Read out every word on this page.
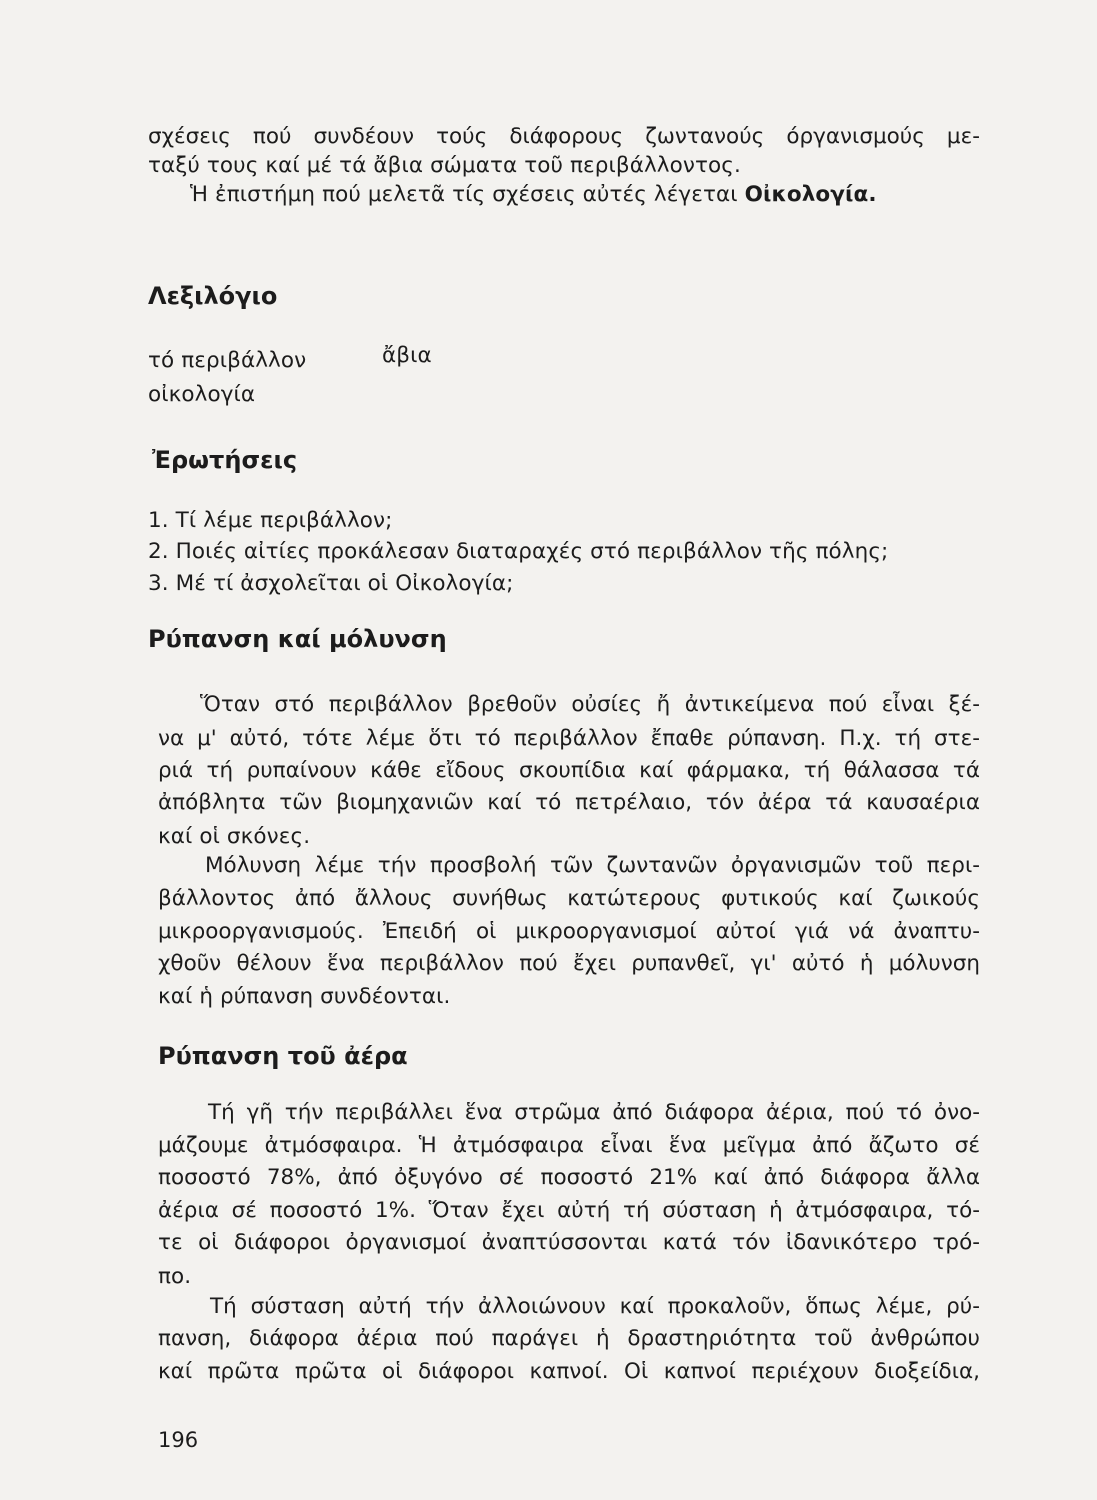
σχέσεις πού συνδέουν τούς διάφορους ζωντανούς όργανισμούς με-
ταξύ τους καί μέ τά ἄβια σώματα τοῦ περιβάλλοντος.
Ἡ ἐπιστήμη πού μελετᾶ τίς σχέσεις αὐτές λέγεται Οἰκολογία.
Λεξιλόγιο
τό περιβάλλον	ἄβια
οἰκολογία
Ἐρωτήσεις
1. Τί λέμε περιβάλλον;
2. Ποιές αἰτίες προκάλεσαν διαταραχές στό περιβάλλον τῆς πόλης;
3. Μέ τί ἀσχολεῖται οἱ Οἰκολογία;
Ρύπανση καί μόλυνση
Ὅταν στό περιβάλλον βρεθοῦν οὐσίες ἤ ἀντικείμενα πού εἶναι ξέ-
να μ' αὐτό, τότε λέμε ὅτι τό περιβάλλον ἔπαθε ρύπανση. Π.χ. τή στε-
ριά τή ρυπαίνουν κάθε εἴδους σκουπίδια καί φάρμακα, τή θάλασσα τά
ἀπόβλητα τῶν βιομηχανιῶν καί τό πετρέλαιο, τόν ἀέρα τά καυσαέρια
καί οἱ σκόνες.
Μόλυνση λέμε τήν προσβολή τῶν ζωντανῶν ὀργανισμῶν τοῦ περι-
βάλλοντος ἀπό ἄλλους συνήθως κατώτερους φυτικούς καί ζωικούς
μικροοργανισμούς. Ἐπειδή οἱ μικροοργανισμοί αὐτοί γιά νά ἀναπτυ-
χθοῦν θέλουν ἕνα περιβάλλον πού ἔχει ρυπανθεῖ, γι' αὐτό ἡ μόλυνση
καί ἡ ρύπανση συνδέονται.
Ρύπανση τοῦ ἀέρα
Τή γῆ τήν περιβάλλει ἕνα στρῶμα ἀπό διάφορα ἀέρια, πού τό ὀνο-
μάζουμε ἀτμόσφαιρα. Ἡ ἀτμόσφαιρα εἶναι ἕνα μεῖγμα ἀπό ἄζωτο σέ
ποσοστό 78%, ἀπό ὀξυγόνο σέ ποσοστό 21% καί ἀπό διάφορα ἄλλα
ἀέρια σέ ποσοστό 1%. Ὅταν ἔχει αὐτή τή σύσταση ἡ ἀτμόσφαιρα, τό-
τε οἱ διάφοροι ὀργανισμοί ἀναπτύσσονται κατά τόν ἰδανικότερο τρό-
πο.
Τή σύσταση αὐτή τήν ἀλλοιώνουν καί προκαλοῦν, ὅπως λέμε, ρύ-
πανση, διάφορα ἀέρια πού παράγει ἡ δραστηριότητα τοῦ ἀνθρώπου
καί πρῶτα πρῶτα οἱ διάφοροι καπνοί. Οἱ καπνοί περιέχουν διοξείδια,
196
